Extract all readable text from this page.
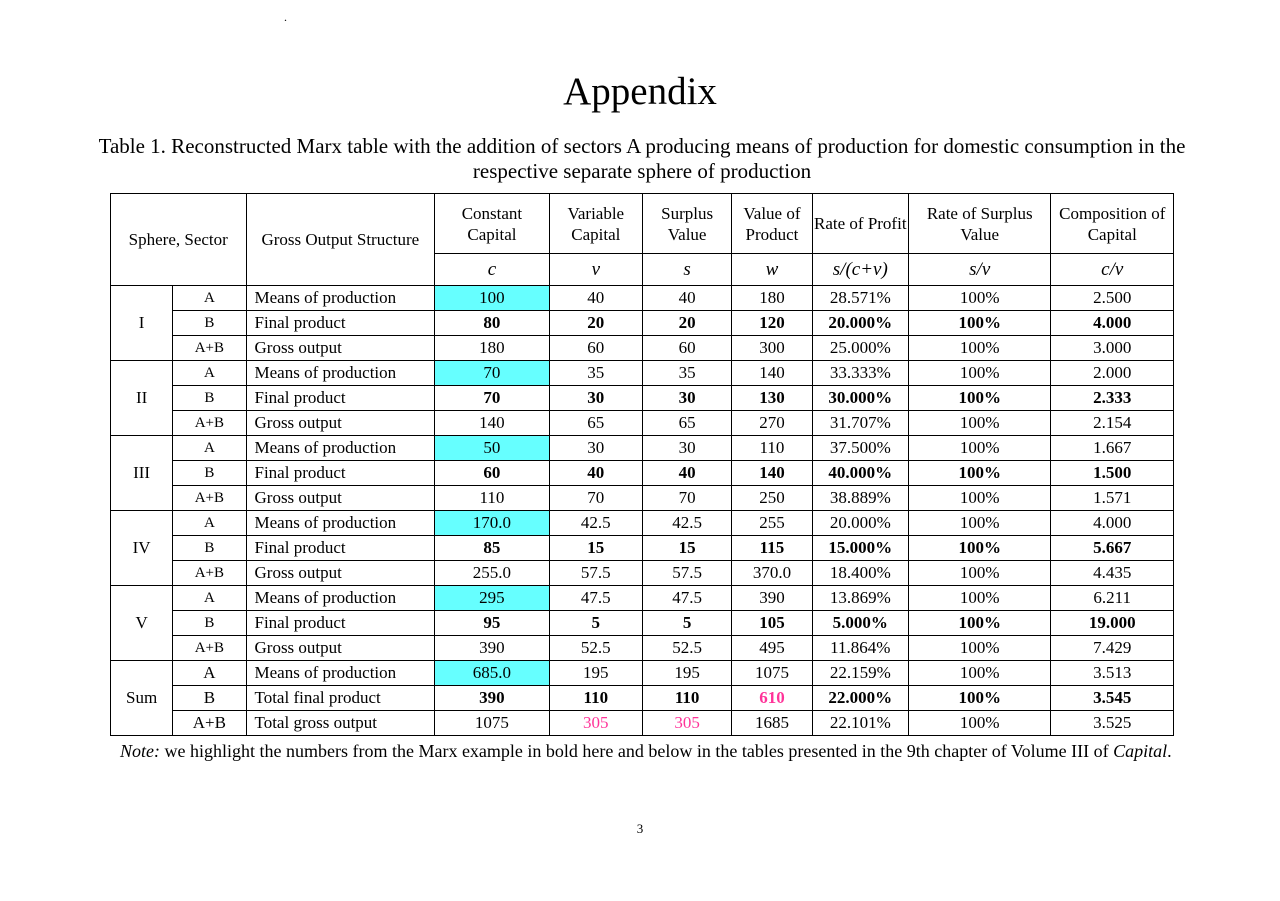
.
Appendix
Table 1. Reconstructed Marx table with the addition of sectors A producing means of production for domestic consumption in the respective separate sphere of production
Sphere, Sector		Gross Output Structure	Constant Capital	Variable Capital	Surplus Value	Value of Product	Rate of Profit	Rate of Surplus Value	Composition of Capital
			c	v	s	w	s/(c+v)	s/v	c/v
I	A	Means of production	100	40	40	180	28.571%	100%	2.500
	B	Final product	80	20	20	120	20.000%	100%	4.000
	A+B	Gross output	180	60	60	300	25.000%	100%	3.000
II	A	Means of production	70	35	35	140	33.333%	100%	2.000
	B	Final product	70	30	30	130	30.000%	100%	2.333
	A+B	Gross output	140	65	65	270	31.707%	100%	2.154
III	A	Means of production	50	30	30	110	37.500%	100%	1.667
	B	Final product	60	40	40	140	40.000%	100%	1.500
	A+B	Gross output	110	70	70	250	38.889%	100%	1.571
IV	A	Means of production	170.0	42.5	42.5	255	20.000%	100%	4.000
	B	Final product	85	15	15	115	15.000%	100%	5.667
	A+B	Gross output	255.0	57.5	57.5	370.0	18.400%	100%	4.435
V	A	Means of production	295	47.5	47.5	390	13.869%	100%	6.211
	B	Final product	95	5	5	105	5.000%	100%	19.000
	A+B	Gross output	390	52.5	52.5	495	11.864%	100%	7.429
Sum	A	Means of production	685.0	195	195	1075	22.159%	100%	3.513
	B	Total final product	390	110	110	610	22.000%	100%	3.545
	A+B	Total gross output	1075	305	305	1685	22.101%	100%	3.525
Note: we highlight the numbers from the Marx example in bold here and below in the tables presented in the 9th chapter of Volume III of Capital.
3
